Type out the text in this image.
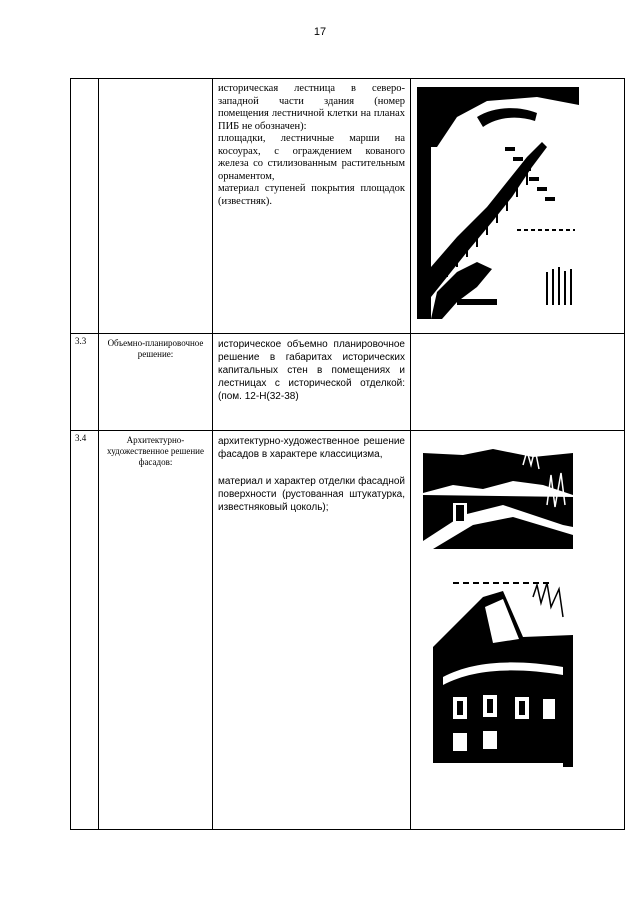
17

		историческая лестница в северо-западной части здания (номер помещения лестничной клетки на планах ПИБ не обозначен):

площадки, лестничные марши на косоурах, с ограждением кованого железа со стилизованным растительным орнаментом,

материал ступеней покрытия площадок (известняк).

3.3	Объемно-планировочное решение:	историческое объемно планировочное решение в габаритах исторических капитальных стен в помещениях и лестницах с исторической отделкой: (пом. 12-Н(32-38)	

3.4	Архитектурно-художественное решение фасадов:	архитектурно-художественное решение фасадов в характере классицизма,

материал и характер отделки фасадной поверхности (рустованная штукатурка, известняковый цоколь);
